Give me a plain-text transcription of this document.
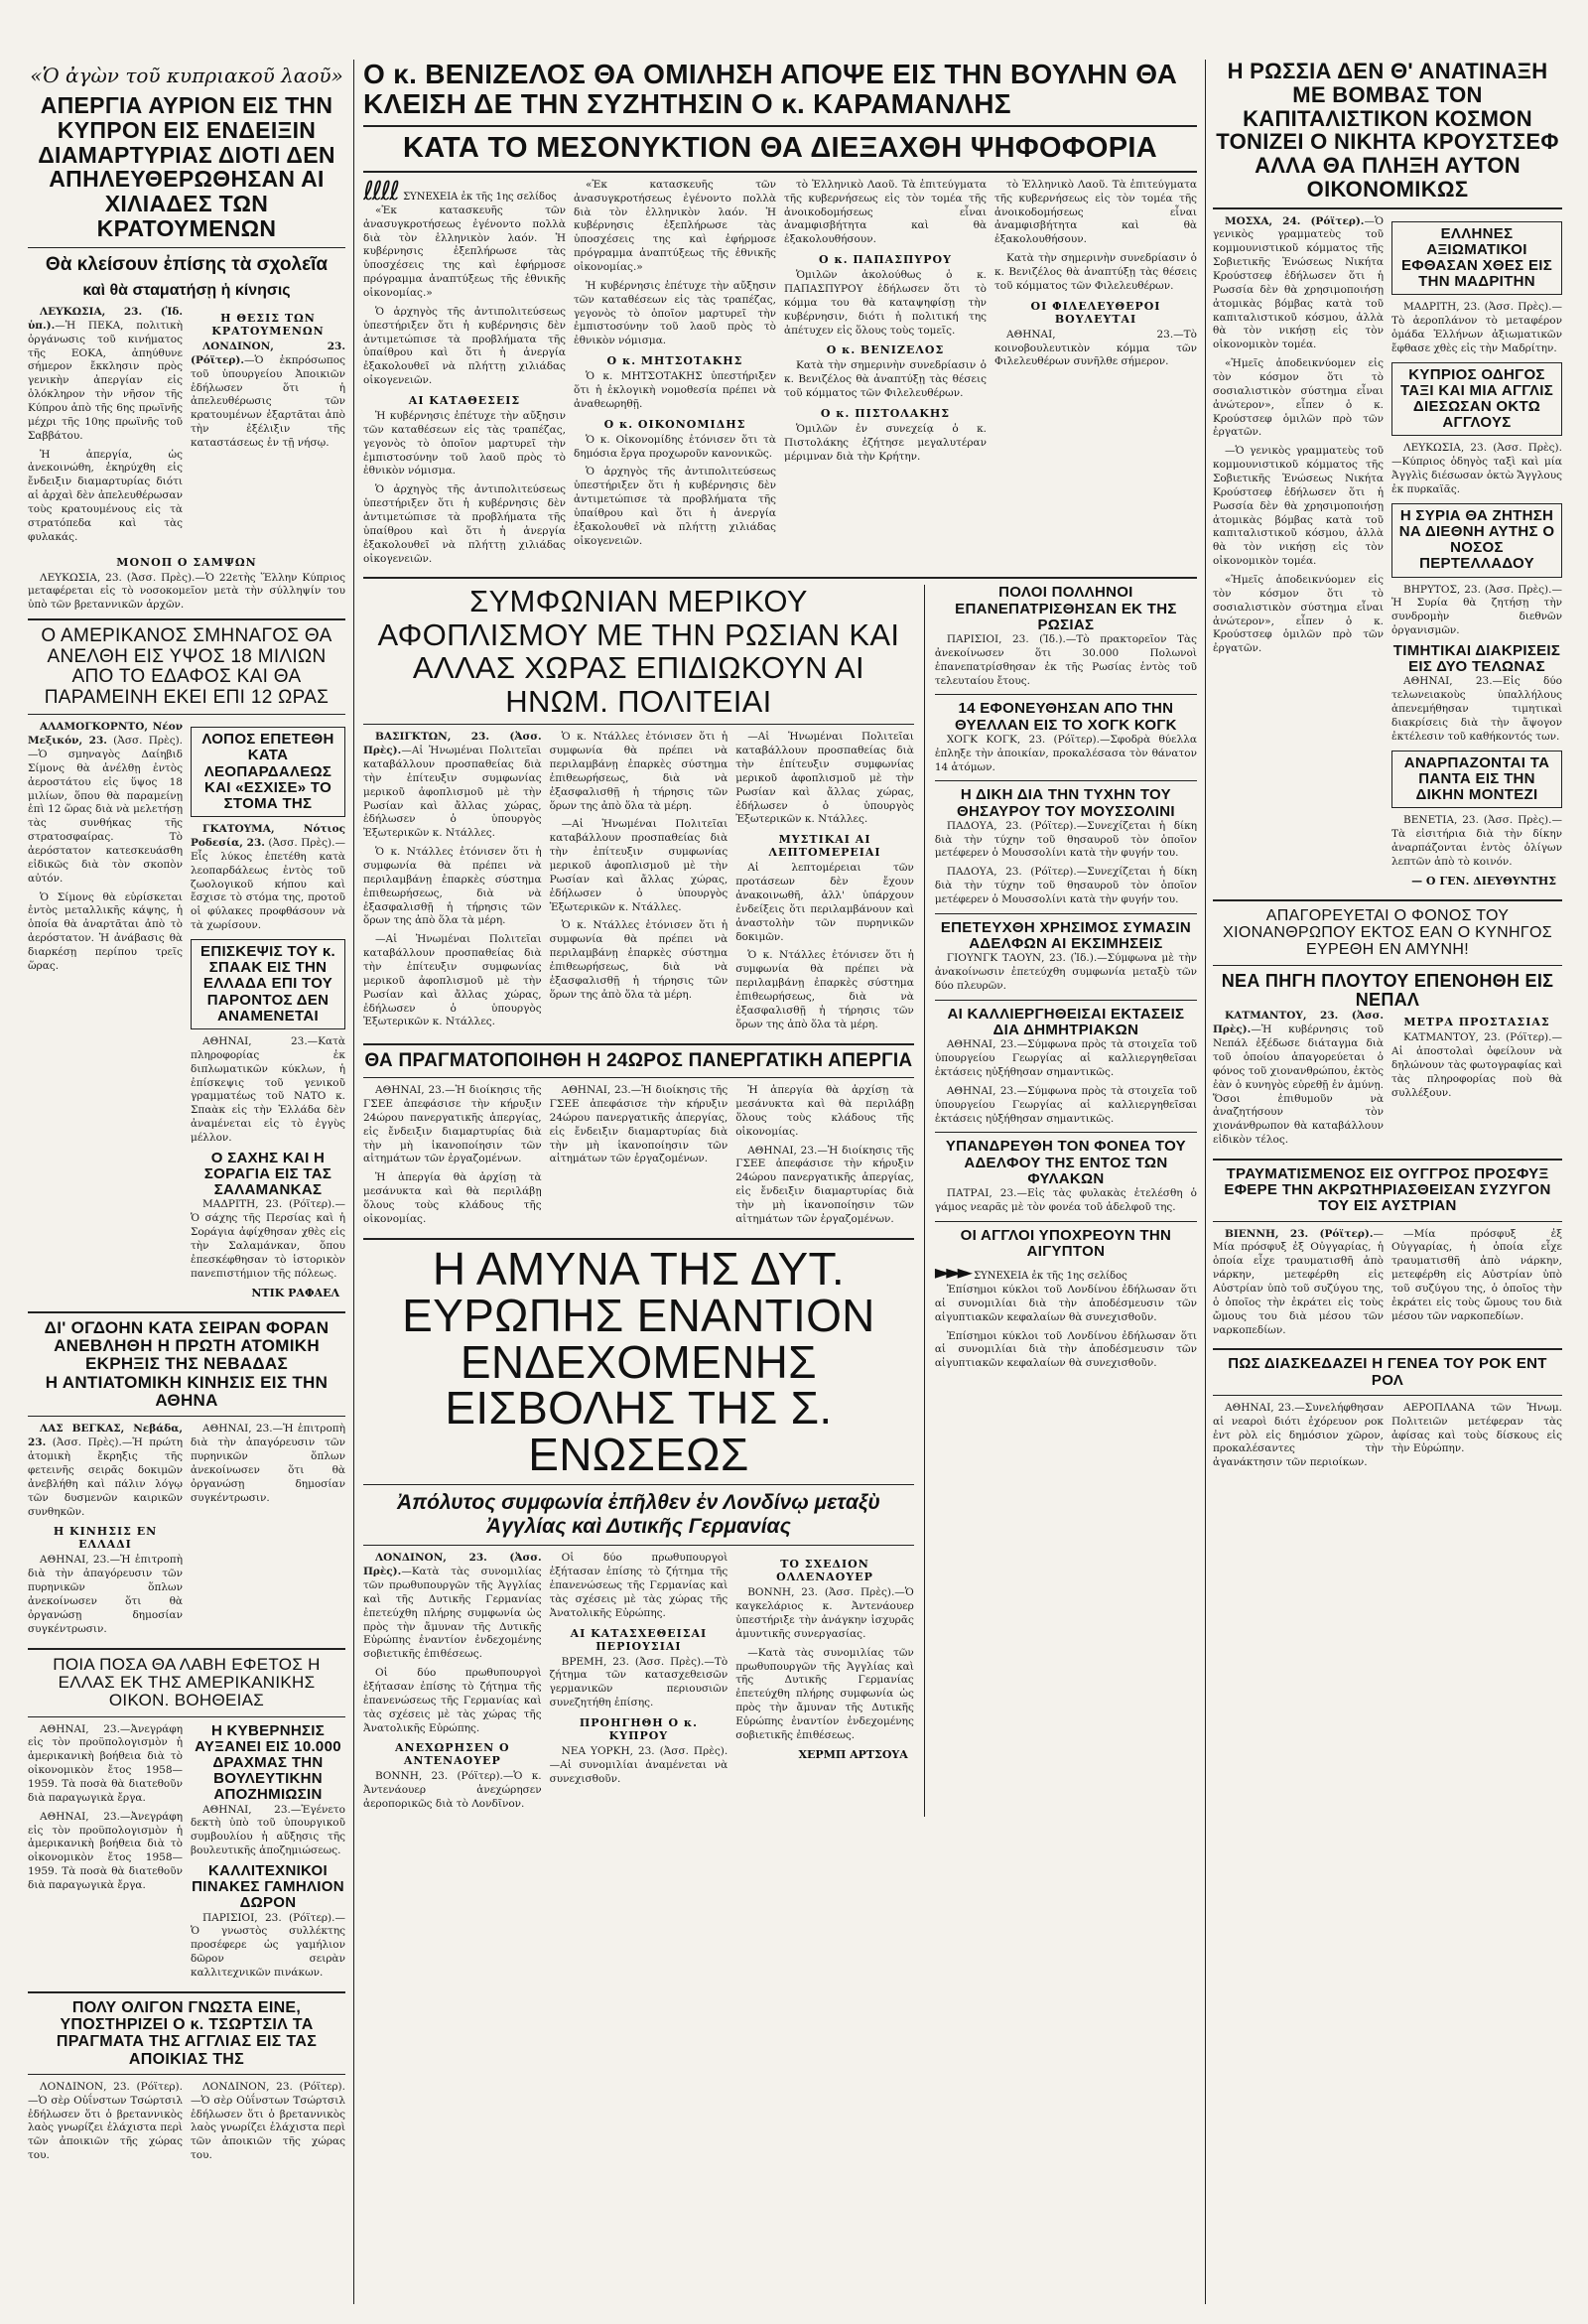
«Ὁ ἀγὼν τοῦ κυπριακοῦ λαοῦ»
ΑΠΕΡΓΙΑ ΑΥΡΙΟΝ ΕΙΣ ΤΗΝ ΚΥΠΡΟΝ ΕΙΣ ΕΝΔΕΙΞΙΝ ΔΙΑΜΑΡΤΥΡΙΑΣ ΔΙΟΤΙ ΔΕΝ ΑΠΗΛΕΥΘΕΡΩΘΗΣΑΝ ΑΙ ΧΙΛΙΑΔΕΣ ΤΩΝ ΚΡΑΤΟΥΜΕΝΩΝ
Θὰ κλείσουν ἐπίσης τὰ σχολεῖα
καὶ θὰ σταματήσῃ ἡ κίνησις

ΛΕΥΚΩΣΙΑ, 23. (Ἰδ. ὑπ.).—Ἡ ΠΕΚΑ, πολιτικὴ ὀργάνωσις τοῦ κινήματος τῆς ΕΟΚΑ, ἀπηύθυνε σήμερον ἔκκλησιν πρὸς γενικὴν ἀπεργίαν εἰς ὁλόκληρον τὴν νῆσον τῆς Κύπρου ἀπὸ τῆς 6ης πρωϊνῆς μέχρι τῆς 10ης πρωϊνῆς τοῦ Σαββάτου.

Ἡ ἀπεργία, ὡς ἀνεκοινώθη, ἐκηρύχθη εἰς ἔνδειξιν διαμαρτυρίας διότι αἱ ἀρχαὶ δὲν ἀπελευθέρωσαν τοὺς κρατουμένους εἰς τὰ στρατόπεδα καὶ τὰς φυλακάς.

Η ΘΕΣΙΣ ΤΩΝ ΚΡΑΤΟΥΜΕΝΩΝ

ΛΟΝΔΙΝΟΝ, 23. (Ρόϊτερ).—Ὁ ἐκπρόσωπος τοῦ ὑπουργείου Ἀποικιῶν ἐδήλωσεν ὅτι ἡ ἀπελευθέρωσις τῶν κρατουμένων ἐξαρτᾶται ἀπὸ τὴν ἐξέλιξιν τῆς καταστάσεως ἐν τῇ νήσῳ.

ΜΟΝΟΠ Ο ΣΑΜΨΩΝ

ΛΕΥΚΩΣΙΑ, 23. (Ἀσσ. Πρὲς).—Ὁ 22ετὴς Ἕλλην Κύπριος μεταφέρεται εἰς τὸ νοσοκομεῖον μετὰ τὴν σύλληψίν του ὑπὸ τῶν βρεταννικῶν ἀρχῶν.

Ο ΑΜΕΡΙΚΑΝΟΣ ΣΜΗΝΑΓΟΣ ΘΑ ΑΝΕΛΘΗ ΕΙΣ ΥΨΟΣ 18 ΜΙΛΙΩΝ ΑΠΟ ΤΟ ΕΔΑΦΟΣ ΚΑΙ ΘΑ ΠΑΡΑΜΕΙΝΗ ΕΚΕΙ ΕΠΙ 12 ΩΡΑΣ

ΑΛΑΜΟΓΚΟΡΝΤΟ, Νέον Μεξικόν, 23. (Ἀσσ. Πρὲς).—Ὁ σμηναγὸς Δαίηβιδ Σίμονς θὰ ἀνέλθῃ ἐντὸς ἀεροστάτου εἰς ὕψος 18 μιλίων, ὅπου θὰ παραμείνῃ ἐπὶ 12 ὥρας διὰ νὰ μελετήσῃ τὰς συνθήκας τῆς στρατοσφαίρας. Τὸ ἀερόστατον κατεσκευάσθη εἰδικῶς διὰ τὸν σκοπὸν αὐτόν.

Ὁ Σίμονς θὰ εὑρίσκεται ἐντὸς μεταλλικῆς κάψης, ἡ ὁποία θὰ ἀναρτᾶται ἀπὸ τὸ ἀερόστατον. Ἡ ἀνάβασις θὰ διαρκέσῃ περίπου τρεῖς ὥρας.

ΛΟΠΟΣ ΕΠΕΤΕΘΗ ΚΑΤΑ ΛΕΟΠΑΡΔΑΛΕΩΣ ΚΑΙ «ΕΣΧΙΣΕ» ΤΟ ΣΤΟΜΑ ΤΗΣ

ΓΚΑΤΟΥΜΑ, Νότιος Ροδεσία, 23. (Ἀσσ. Πρὲς).—Εἷς λύκος ἐπετέθη κατὰ λεοπαρδάλεως ἐντὸς τοῦ ζωολογικοῦ κήπου καὶ ἔσχισε τὸ στόμα της, προτοῦ οἱ φύλακες προφθάσουν νὰ τὰ χωρίσουν.

ΕΠΙΣΚΕΨΙΣ ΤΟΥ κ. ΣΠΑΑΚ ΕΙΣ ΤΗΝ ΕΛΛΑΔΑ ΕΠΙ ΤΟΥ ΠΑΡΟΝΤΟΣ ΔΕΝ ΑΝΑΜΕΝΕΤΑΙ

ΑΘΗΝΑΙ, 23.—Κατὰ πληροφορίας ἐκ διπλωματικῶν κύκλων, ἡ ἐπίσκεψις τοῦ γενικοῦ γραμματέως τοῦ ΝΑΤΟ κ. Σπαὰκ εἰς τὴν Ἑλλάδα δὲν ἀναμένεται εἰς τὸ ἐγγὺς μέλλον.

Ο ΣΑΧΗΣ ΚΑΙ Η ΣΟΡΑΓΙΑ ΕΙΣ ΤΑΣ ΣΑΛΑΜΑΝΚΑΣ

ΜΑΔΡΙΤΗ, 23. (Ρόϊτερ).—Ὁ σάχης τῆς Περσίας καὶ ἡ Σοράγια ἀφίχθησαν χθὲς εἰς τὴν Σαλαμάνκαν, ὅπου ἐπεσκέφθησαν τὸ ἱστορικὸν πανεπιστήμιον τῆς πόλεως.

ΝΤΙΚ ΡΑΦΑΕΛ
ΔΙ' ΟΓΔΟΗΝ ΚΑΤΑ ΣΕΙΡΑΝ ΦΟΡΑΝ ΑΝΕΒΛΗΘΗ Η ΠΡΩΤΗ ΑΤΟΜΙΚΗ ΕΚΡΗΞΙΣ ΤΗΣ ΝΕΒΑΔΑΣ
Η ΑΝΤΙΑΤΟΜΙΚΗ ΚΙΝΗΣΙΣ ΕΙΣ ΤΗΝ ΑΘΗΝΑ

ΛΑΣ ΒΕΓΚΑΣ, Νεβάδα, 23. (Ἀσσ. Πρὲς).—Ἡ πρώτη ἀτομικὴ ἔκρηξις τῆς φετεινῆς σειρᾶς δοκιμῶν ἀνεβλήθη καὶ πάλιν λόγῳ τῶν δυσμενῶν καιρικῶν συνθηκῶν.

Η ΚΙΝΗΣΙΣ ΕΝ ΕΛΛΑΔΙ

ΑΘΗΝΑΙ, 23.—Ἡ ἐπιτροπὴ διὰ τὴν ἀπαγόρευσιν τῶν πυρηνικῶν ὅπλων ἀνεκοίνωσεν ὅτι θὰ ὀργανώσῃ δημοσίαν συγκέντρωσιν.

ΑΘΗΝΑΙ, 23.—Ἡ ἐπιτροπὴ διὰ τὴν ἀπαγόρευσιν τῶν πυρηνικῶν ὅπλων ἀνεκοίνωσεν ὅτι θὰ ὀργανώσῃ δημοσίαν συγκέντρωσιν.

ΠΟΙΑ ΠΟΣΑ ΘΑ ΛΑΒΗ ΕΦΕΤΟΣ Η ΕΛΛΑΣ ΕΚ ΤΗΣ ΑΜΕΡΙΚΑΝΙΚΗΣ ΟΙΚΟΝ. ΒΟΗΘΕΙΑΣ

ΑΘΗΝΑΙ, 23.—Ἀνεγράφη εἰς τὸν προϋπολογισμὸν ἡ ἀμερικανικὴ βοήθεια διὰ τὸ οἰκονομικὸν ἔτος 1958—1959. Τὰ ποσὰ θὰ διατεθοῦν διὰ παραγωγικὰ ἔργα.

ΑΘΗΝΑΙ, 23.—Ἀνεγράφη εἰς τὸν προϋπολογισμὸν ἡ ἀμερικανικὴ βοήθεια διὰ τὸ οἰκονομικὸν ἔτος 1958—1959. Τὰ ποσὰ θὰ διατεθοῦν διὰ παραγωγικὰ ἔργα.

Η ΚΥΒΕΡΝΗΣΙΣ ΑΥΞΑΝΕΙ ΕΙΣ 10.000 ΔΡΑΧΜΑΣ ΤΗΝ ΒΟΥΛΕΥΤΙΚΗΝ ΑΠΟΖΗΜΙΩΣΙΝ

ΑΘΗΝΑΙ, 23.—Ἐγένετο δεκτὴ ὑπὸ τοῦ ὑπουργικοῦ συμβουλίου ἡ αὔξησις τῆς βουλευτικῆς ἀποζημιώσεως.

ΚΑΛΛΙΤΕΧΝΙΚΟΙ ΠΙΝΑΚΕΣ ΓΑΜΗΛΙΟΝ ΔΩΡΟΝ

ΠΑΡΙΣΙΟΙ, 23. (Ρόϊτερ).—Ὁ γνωστὸς συλλέκτης προσέφερε ὡς γαμήλιον δῶρον σειρὰν καλλιτεχνικῶν πινάκων.

ΠΟΛΥ ΟΛΙΓΟΝ ΓΝΩΣΤΑ ΕΙΝΕ, ΥΠΟΣΤΗΡΙΖΕΙ Ο κ. ΤΣΩΡΤΣΙΛ ΤΑ ΠΡΑΓΜΑΤΑ ΤΗΣ ΑΓΓΛΙΑΣ ΕΙΣ ΤΑΣ ΑΠΟΙΚΙΑΣ ΤΗΣ

ΛΟΝΔΙΝΟΝ, 23. (Ρόϊτερ).—Ὁ σὲρ Οὐΐνστων Τσώρτσιλ ἐδήλωσεν ὅτι ὁ βρεταννικὸς λαὸς γνωρίζει ἐλάχιστα περὶ τῶν ἀποικιῶν τῆς χώρας του.

ΛΟΝΔΙΝΟΝ, 23. (Ρόϊτερ).—Ὁ σὲρ Οὐΐνστων Τσώρτσιλ ἐδήλωσεν ὅτι ὁ βρεταννικὸς λαὸς γνωρίζει ἐλάχιστα περὶ τῶν ἀποικιῶν τῆς χώρας του.

Ο κ. ΒΕΝΙΖΕΛΟΣ ΘΑ ΟΜΙΛΗΣΗ ΑΠΟΨΕ ΕΙΣ ΤΗΝ ΒΟΥΛΗΝ ΘΑ ΚΛΕΙΣΗ ΔΕ ΤΗΝ ΣΥΖΗΤΗΣΙΝ Ο κ. ΚΑΡΑΜΑΝΛΗΣ
ΚΑΤΑ ΤΟ ΜΕΣΟΝΥΚΤΙΟΝ ΘΑ ΔΙΕΞΑΧΘΗ ΨΗΦΟΦΟΡΙΑ
ℓℓℓℓ ΣΥΝΕΧΕΙΑ ἐκ τῆς 1ης σελίδος

«Ἐκ κατασκευῆς τῶν ἀνασυγκροτήσεως ἐγένοντο πολλὰ διὰ τὸν ἑλληνικὸν λαόν. Ἡ κυβέρνησις ἐξεπλήρωσε τὰς ὑποσχέσεις της καὶ ἐφήρμοσε πρόγραμμα ἀναπτύξεως τῆς ἐθνικῆς οἰκονομίας.»

Ὁ ἀρχηγὸς τῆς ἀντιπολιτεύσεως ὑπεστήριξεν ὅτι ἡ κυβέρνησις δὲν ἀντιμετώπισε τὰ προβλήματα τῆς ὑπαίθρου καὶ ὅτι ἡ ἀνεργία ἐξακολουθεῖ νὰ πλήττῃ χιλιάδας οἰκογενειῶν.

ΑΙ ΚΑΤΑΘΕΣΕΙΣ

Ἡ κυβέρνησις ἐπέτυχε τὴν αὔξησιν τῶν καταθέσεων εἰς τὰς τραπέζας, γεγονὸς τὸ ὁποῖον μαρτυρεῖ τὴν ἐμπιστοσύνην τοῦ λαοῦ πρὸς τὸ ἐθνικὸν νόμισμα.

Ὁ ἀρχηγὸς τῆς ἀντιπολιτεύσεως ὑπεστήριξεν ὅτι ἡ κυβέρνησις δὲν ἀντιμετώπισε τὰ προβλήματα τῆς ὑπαίθρου καὶ ὅτι ἡ ἀνεργία ἐξακολουθεῖ νὰ πλήττῃ χιλιάδας οἰκογενειῶν.

«Ἐκ κατασκευῆς τῶν ἀνασυγκροτήσεως ἐγένοντο πολλὰ διὰ τὸν ἑλληνικὸν λαόν. Ἡ κυβέρνησις ἐξεπλήρωσε τὰς ὑποσχέσεις της καὶ ἐφήρμοσε πρόγραμμα ἀναπτύξεως τῆς ἐθνικῆς οἰκονομίας.»

Ἡ κυβέρνησις ἐπέτυχε τὴν αὔξησιν τῶν καταθέσεων εἰς τὰς τραπέζας, γεγονὸς τὸ ὁποῖον μαρτυρεῖ τὴν ἐμπιστοσύνην τοῦ λαοῦ πρὸς τὸ ἐθνικὸν νόμισμα.

Ο κ. ΜΗΤΣΟΤΑΚΗΣ

Ὁ κ. ΜΗΤΣΟΤΑΚΗΣ ὑπεστήριξεν ὅτι ἡ ἐκλογικὴ νομοθεσία πρέπει νὰ ἀναθεωρηθῇ.

Ο κ. ΟΙΚΟΝΟΜΙΔΗΣ

Ὁ κ. Οἰκονομίδης ἐτόνισεν ὅτι τὰ δημόσια ἔργα προχωροῦν κανονικῶς.

Ὁ ἀρχηγὸς τῆς ἀντιπολιτεύσεως ὑπεστήριξεν ὅτι ἡ κυβέρνησις δὲν ἀντιμετώπισε τὰ προβλήματα τῆς ὑπαίθρου καὶ ὅτι ἡ ἀνεργία ἐξακολουθεῖ νὰ πλήττῃ χιλιάδας οἰκογενειῶν.

τὸ Ἑλληνικὸ Λαοῦ. Τὰ ἐπιτεύγματα τῆς κυβερνήσεως εἰς τὸν τομέα τῆς ἀνοικοδομήσεως εἶναι ἀναμφισβήτητα καὶ θὰ ἐξακολουθήσουν.

Ο κ. ΠΑΠΑΣΠΥΡΟΥ

Ὁμιλῶν ἀκολούθως ὁ κ. ΠΑΠΑΣΠΥΡΟΥ ἐδήλωσεν ὅτι τὸ κόμμα του θὰ καταψηφίσῃ τὴν κυβέρνησιν, διότι ἡ πολιτική της ἀπέτυχεν εἰς ὅλους τοὺς τομεῖς.

Ο κ. ΒΕΝΙΖΕΛΟΣ

Κατὰ τὴν σημερινὴν συνεδρίασιν ὁ κ. Βενιζέλος θὰ ἀναπτύξῃ τὰς θέσεις τοῦ κόμματος τῶν Φιλελευθέρων.

Ο κ. ΠΙΣΤΟΛΑΚΗΣ

Ὁμιλῶν ἐν συνεχείᾳ ὁ κ. Πιστολάκης ἐζήτησε μεγαλυτέραν μέριμναν διὰ τὴν Κρήτην.

τὸ Ἑλληνικὸ Λαοῦ. Τὰ ἐπιτεύγματα τῆς κυβερνήσεως εἰς τὸν τομέα τῆς ἀνοικοδομήσεως εἶναι ἀναμφισβήτητα καὶ θὰ ἐξακολουθήσουν.

Κατὰ τὴν σημερινὴν συνεδρίασιν ὁ κ. Βενιζέλος θὰ ἀναπτύξῃ τὰς θέσεις τοῦ κόμματος τῶν Φιλελευθέρων.

ΟΙ ΦΙΛΕΛΕΥΘΕΡΟΙ ΒΟΥΛΕΥΤΑΙ

ΑΘΗΝΑΙ, 23.—Τὸ κοινοβουλευτικὸν κόμμα τῶν Φιλελευθέρων συνῆλθε σήμερον.

ΣΥΜΦΩΝΙΑΝ ΜΕΡΙΚΟΥ ΑΦΟΠΛΙΣΜΟΥ ΜΕ ΤΗΝ ΡΩΣΙΑΝ ΚΑΙ ΑΛΛΑΣ ΧΩΡΑΣ ΕΠΙΔΙΩΚΟΥΝ ΑΙ ΗΝΩΜ. ΠΟΛΙΤΕΙΑΙ

ΒΑΣΙΓΚΤΩΝ, 23. (Ἀσσ. Πρὲς).—Αἱ Ἡνωμέναι Πολιτεῖαι καταβάλλουν προσπαθείας διὰ τὴν ἐπίτευξιν συμφωνίας μερικοῦ ἀφοπλισμοῦ μὲ τὴν Ρωσίαν καὶ ἄλλας χώρας, ἐδήλωσεν ὁ ὑπουργὸς Ἐξωτερικῶν κ. Ντάλλες.

Ὁ κ. Ντάλλες ἐτόνισεν ὅτι ἡ συμφωνία θὰ πρέπει νὰ περιλαμβάνῃ ἐπαρκὲς σύστημα ἐπιθεωρήσεως, διὰ νὰ ἐξασφαλισθῇ ἡ τήρησις τῶν ὅρων της ἀπὸ ὅλα τὰ μέρη.

—Αἱ Ἡνωμέναι Πολιτεῖαι καταβάλλουν προσπαθείας διὰ τὴν ἐπίτευξιν συμφωνίας μερικοῦ ἀφοπλισμοῦ μὲ τὴν Ρωσίαν καὶ ἄλλας χώρας, ἐδήλωσεν ὁ ὑπουργὸς Ἐξωτερικῶν κ. Ντάλλες.

Ὁ κ. Ντάλλες ἐτόνισεν ὅτι ἡ συμφωνία θὰ πρέπει νὰ περιλαμβάνῃ ἐπαρκὲς σύστημα ἐπιθεωρήσεως, διὰ νὰ ἐξασφαλισθῇ ἡ τήρησις τῶν ὅρων της ἀπὸ ὅλα τὰ μέρη.

—Αἱ Ἡνωμέναι Πολιτεῖαι καταβάλλουν προσπαθείας διὰ τὴν ἐπίτευξιν συμφωνίας μερικοῦ ἀφοπλισμοῦ μὲ τὴν Ρωσίαν καὶ ἄλλας χώρας, ἐδήλωσεν ὁ ὑπουργὸς Ἐξωτερικῶν κ. Ντάλλες.

Ὁ κ. Ντάλλες ἐτόνισεν ὅτι ἡ συμφωνία θὰ πρέπει νὰ περιλαμβάνῃ ἐπαρκὲς σύστημα ἐπιθεωρήσεως, διὰ νὰ ἐξασφαλισθῇ ἡ τήρησις τῶν ὅρων της ἀπὸ ὅλα τὰ μέρη.

—Αἱ Ἡνωμέναι Πολιτεῖαι καταβάλλουν προσπαθείας διὰ τὴν ἐπίτευξιν συμφωνίας μερικοῦ ἀφοπλισμοῦ μὲ τὴν Ρωσίαν καὶ ἄλλας χώρας, ἐδήλωσεν ὁ ὑπουργὸς Ἐξωτερικῶν κ. Ντάλλες.

ΜΥΣΤΙΚΑΙ ΑΙ ΛΕΠΤΟΜΕΡΕΙΑΙ

Αἱ λεπτομέρειαι τῶν προτάσεων δὲν ἔχουν ἀνακοινωθῆ, ἀλλ' ὑπάρχουν ἐνδείξεις ὅτι περιλαμβάνουν καὶ ἀναστολὴν τῶν πυρηνικῶν δοκιμῶν.

Ὁ κ. Ντάλλες ἐτόνισεν ὅτι ἡ συμφωνία θὰ πρέπει νὰ περιλαμβάνῃ ἐπαρκὲς σύστημα ἐπιθεωρήσεως, διὰ νὰ ἐξασφαλισθῇ ἡ τήρησις τῶν ὅρων της ἀπὸ ὅλα τὰ μέρη.

ΘΑ ΠΡΑΓΜΑΤΟΠΟΙΗΘΗ Η 24ΩΡΟΣ ΠΑΝΕΡΓΑΤΙΚΗ ΑΠΕΡΓΙΑ

ΑΘΗΝΑΙ, 23.—Ἡ διοίκησις τῆς ΓΣΕΕ ἀπεφάσισε τὴν κήρυξιν 24ώρου πανεργατικῆς ἀπεργίας, εἰς ἔνδειξιν διαμαρτυρίας διὰ τὴν μὴ ἱκανοποίησιν τῶν αἰτημάτων τῶν ἐργαζομένων.

Ἡ ἀπεργία θὰ ἀρχίσῃ τὰ μεσάνυκτα καὶ θὰ περιλάβῃ ὅλους τοὺς κλάδους τῆς οἰκονομίας.

ΑΘΗΝΑΙ, 23.—Ἡ διοίκησις τῆς ΓΣΕΕ ἀπεφάσισε τὴν κήρυξιν 24ώρου πανεργατικῆς ἀπεργίας, εἰς ἔνδειξιν διαμαρτυρίας διὰ τὴν μὴ ἱκανοποίησιν τῶν αἰτημάτων τῶν ἐργαζομένων.

Ἡ ἀπεργία θὰ ἀρχίσῃ τὰ μεσάνυκτα καὶ θὰ περιλάβῃ ὅλους τοὺς κλάδους τῆς οἰκονομίας.

ΑΘΗΝΑΙ, 23.—Ἡ διοίκησις τῆς ΓΣΕΕ ἀπεφάσισε τὴν κήρυξιν 24ώρου πανεργατικῆς ἀπεργίας, εἰς ἔνδειξιν διαμαρτυρίας διὰ τὴν μὴ ἱκανοποίησιν τῶν αἰτημάτων τῶν ἐργαζομένων.

Η ΑΜΥΝΑ ΤΗΣ ΔΥΤ. ΕΥΡΩΠΗΣ ΕΝΑΝΤΙΟΝ ΕΝΔΕΧΟΜΕΝΗΣ ΕΙΣΒΟΛΗΣ ΤΗΣ Σ. ΕΝΩΣΕΩΣ
Ἀπόλυτος συμφωνία ἐπῆλθεν ἐν Λονδίνῳ μεταξὺ Ἀγγλίας καὶ Δυτικῆς Γερμανίας

ΛΟΝΔΙΝΟΝ, 23. (Ἀσσ. Πρὲς).—Κατὰ τὰς συνομιλίας τῶν πρωθυπουργῶν τῆς Ἀγγλίας καὶ τῆς Δυτικῆς Γερμανίας ἐπετεύχθη πλήρης συμφωνία ὡς πρὸς τὴν ἄμυναν τῆς Δυτικῆς Εὐρώπης ἐναντίον ἐνδεχομένης σοβιετικῆς ἐπιθέσεως.

Οἱ δύο πρωθυπουργοὶ ἐξήτασαν ἐπίσης τὸ ζήτημα τῆς ἐπανενώσεως τῆς Γερμανίας καὶ τὰς σχέσεις μὲ τὰς χώρας τῆς Ἀνατολικῆς Εὐρώπης.

ΑΝΕΧΩΡΗΣΕΝ Ο ΑΝΤΕΝΑΟΥΕΡ

ΒΟΝΝΗ, 23. (Ρόϊτερ).—Ὁ κ. Ἀντενάουερ ἀνεχώρησεν ἀεροπορικῶς διὰ τὸ Λονδῖνον.

Οἱ δύο πρωθυπουργοὶ ἐξήτασαν ἐπίσης τὸ ζήτημα τῆς ἐπανενώσεως τῆς Γερμανίας καὶ τὰς σχέσεις μὲ τὰς χώρας τῆς Ἀνατολικῆς Εὐρώπης.

ΑΙ ΚΑΤΑΣΧΕΘΕΙΣΑΙ ΠΕΡΙΟΥΣΙΑΙ

ΒΡΕΜΗ, 23. (Ἀσσ. Πρὲς).—Τὸ ζήτημα τῶν κατασχεθεισῶν γερμανικῶν περιουσιῶν συνεζητήθη ἐπίσης.

ΠΡΟΗΓΗΘΗ Ο κ. ΚΥΠΡΟΥ

ΝΕΑ ΥΟΡΚΗ, 23. (Ἀσσ. Πρὲς).—Αἱ συνομιλίαι ἀναμένεται νὰ συνεχισθοῦν.

ΤΟ ΣΧΕΔΙΟΝ ΟΛΛΕΝΑΟΥΕΡ

ΒΟΝΝΗ, 23. (Ἀσσ. Πρὲς).—Ὁ καγκελάριος κ. Ἀντενάουερ ὑπεστήριξε τὴν ἀνάγκην ἰσχυρᾶς ἀμυντικῆς συνεργασίας.

—Κατὰ τὰς συνομιλίας τῶν πρωθυπουργῶν τῆς Ἀγγλίας καὶ τῆς Δυτικῆς Γερμανίας ἐπετεύχθη πλήρης συμφωνία ὡς πρὸς τὴν ἄμυναν τῆς Δυτικῆς Εὐρώπης ἐναντίον ἐνδεχομένης σοβιετικῆς ἐπιθέσεως.

ΧΕΡΜΠ ΑΡΤΣΟΥΑ
ΠΟΛΟΙ ΠΟΛΛΗΝΟΙ ΕΠΑΝΕΠΑΤΡΙΣΘΗΣΑΝ ΕΚ ΤΗΣ ΡΩΣΙΑΣ

ΠΑΡΙΣΙΟΙ, 23. (Ἰδ.).—Τὸ πρακτορεῖον Τὰς ἀνεκοίνωσεν ὅτι 30.000 Πολωνοὶ ἐπανεπατρίσθησαν ἐκ τῆς Ρωσίας ἐντὸς τοῦ τελευταίου ἔτους.

14 ΕΦΟΝΕΥΘΗΣΑΝ ΑΠΟ ΤΗΝ ΘΥΕΛΛΑΝ ΕΙΣ ΤΟ ΧΟΓΚ ΚΟΓΚ

ΧΟΓΚ ΚΟΓΚ, 23. (Ρόϊτερ).—Σφοδρὰ θύελλα ἐπληξε τὴν ἀποικίαν, προκαλέσασα τὸν θάνατον 14 ἀτόμων.

Η ΔΙΚΗ ΔΙΑ ΤΗΝ ΤΥΧΗΝ ΤΟΥ ΘΗΣΑΥΡΟΥ ΤΟΥ ΜΟΥΣΣΟΛΙΝΙ

ΠΑΔΟΥΑ, 23. (Ρόϊτερ).—Συνεχίζεται ἡ δίκη διὰ τὴν τύχην τοῦ θησαυροῦ τὸν ὁποῖον μετέφερεν ὁ Μουσσολίνι κατὰ τὴν φυγήν του.

ΠΑΔΟΥΑ, 23. (Ρόϊτερ).—Συνεχίζεται ἡ δίκη διὰ τὴν τύχην τοῦ θησαυροῦ τὸν ὁποῖον μετέφερεν ὁ Μουσσολίνι κατὰ τὴν φυγήν του.

ΕΠΕΤΕΥΧΘΗ ΧΡΗΣΙΜΟΣ ΣΥΜΑΣΙΝ ΑΔΕΛΦΩΝ ΑΙ ΕΚΣΙΜΗΣΕΙΣ

ΓΙΟΥΝΓΚ ΤΑΟΥΝ, 23. (Ἰδ.).—Σύμφωνα μὲ τὴν ἀνακοίνωσιν ἐπετεύχθη συμφωνία μεταξὺ τῶν δύο πλευρῶν.

ΑΙ ΚΑΛΛΙΕΡΓΗΘΕΙΣΑΙ ΕΚΤΑΣΕΙΣ ΔΙΑ ΔΗΜΗΤΡΙΑΚΩΝ

ΑΘΗΝΑΙ, 23.—Σύμφωνα πρὸς τὰ στοιχεῖα τοῦ ὑπουργείου Γεωργίας αἱ καλλιεργηθεῖσαι ἐκτάσεις ηὐξήθησαν σημαντικῶς.

ΑΘΗΝΑΙ, 23.—Σύμφωνα πρὸς τὰ στοιχεῖα τοῦ ὑπουργείου Γεωργίας αἱ καλλιεργηθεῖσαι ἐκτάσεις ηὐξήθησαν σημαντικῶς.

ΥΠΑΝΔΡΕΥΘΗ ΤΟΝ ΦΟΝΕΑ ΤΟΥ ΑΔΕΛΦΟΥ ΤΗΣ ΕΝΤΟΣ ΤΩΝ ΦΥΛΑΚΩΝ

ΠΑΤΡΑΙ, 23.—Εἰς τὰς φυλακὰς ἐτελέσθη ὁ γάμος νεαρᾶς μὲ τὸν φονέα τοῦ ἀδελφοῦ της.

ΟΙ ΑΓΓΛΟΙ ΥΠΟΧΡΕΟΥΝ ΤΗΝ ΑΙΓΥΠΤΟΝ
►►► ΣΥΝΕΧΕΙΑ ἐκ τῆς 1ης σελίδος

Ἐπίσημοι κύκλοι τοῦ Λονδίνου ἐδήλωσαν ὅτι αἱ συνομιλίαι διὰ τὴν ἀποδέσμευσιν τῶν αἰγυπτιακῶν κεφαλαίων θὰ συνεχισθοῦν.

Ἐπίσημοι κύκλοι τοῦ Λονδίνου ἐδήλωσαν ὅτι αἱ συνομιλίαι διὰ τὴν ἀποδέσμευσιν τῶν αἰγυπτιακῶν κεφαλαίων θὰ συνεχισθοῦν.

Η ΡΩΣΣΙΑ ΔΕΝ Θ' ΑΝΑΤΙΝΑΞΗ ΜΕ ΒΟΜΒΑΣ ΤΟΝ ΚΑΠΙΤΑΛΙΣΤΙΚΟΝ ΚΟΣΜΟΝ
ΤΟΝΙΖΕΙ Ο ΝΙΚΗΤΑ ΚΡΟΥΣΤΣΕΦ
ΑΛΛΑ ΘΑ ΠΛΗΞΗ ΑΥΤΟΝ ΟΙΚΟΝΟΜΙΚΩΣ

ΜΟΣΧΑ, 24. (Ρόϊτερ).—Ὁ γενικὸς γραμματεὺς τοῦ κομμουνιστικοῦ κόμματος τῆς Σοβιετικῆς Ἑνώσεως Νικήτα Κρούστσεφ ἐδήλωσεν ὅτι ἡ Ρωσσία δὲν θὰ χρησιμοποιήσῃ ἀτομικὰς βόμβας κατὰ τοῦ καπιταλιστικοῦ κόσμου, ἀλλὰ θὰ τὸν νικήσῃ εἰς τὸν οἰκονομικὸν τομέα.

«Ἡμεῖς ἀποδεικνύομεν εἰς τὸν κόσμον ὅτι τὸ σοσιαλιστικὸν σύστημα εἶναι ἀνώτερον», εἶπεν ὁ κ. Κρούστσεφ ὁμιλῶν πρὸ τῶν ἐργατῶν.

—Ὁ γενικὸς γραμματεὺς τοῦ κομμουνιστικοῦ κόμματος τῆς Σοβιετικῆς Ἑνώσεως Νικήτα Κρούστσεφ ἐδήλωσεν ὅτι ἡ Ρωσσία δὲν θὰ χρησιμοποιήσῃ ἀτομικὰς βόμβας κατὰ τοῦ καπιταλιστικοῦ κόσμου, ἀλλὰ θὰ τὸν νικήσῃ εἰς τὸν οἰκονομικὸν τομέα.

«Ἡμεῖς ἀποδεικνύομεν εἰς τὸν κόσμον ὅτι τὸ σοσιαλιστικὸν σύστημα εἶναι ἀνώτερον», εἶπεν ὁ κ. Κρούστσεφ ὁμιλῶν πρὸ τῶν ἐργατῶν.

ΕΛΛΗΝΕΣ ΑΞΙΩΜΑΤΙΚΟΙ ΕΦΘΑΣΑΝ ΧΘΕΣ ΕΙΣ ΤΗΝ ΜΑΔΡΙΤΗΝ

ΜΑΔΡΙΤΗ, 23. (Ἀσσ. Πρὲς).—Τὸ ἀεροπλάνον τὸ μεταφέρον ὁμάδα Ἑλλήνων ἀξιωματικῶν ἔφθασε χθὲς εἰς τὴν Μαδρίτην.

ΚΥΠΡΙΟΣ ΟΔΗΓΟΣ ΤΑΞΙ ΚΑΙ ΜΙΑ ΑΓΓΛΙΣ ΔΙΕΣΩΣΑΝ ΟΚΤΩ ΑΓΓΛΟΥΣ

ΛΕΥΚΩΣΙΑ, 23. (Ἀσσ. Πρὲς).—Κύπριος ὁδηγὸς ταξὶ καὶ μία Ἀγγλὶς διέσωσαν ὀκτὼ Ἄγγλους ἐκ πυρκαϊᾶς.

Η ΣΥΡΙΑ ΘΑ ΖΗΤΗΣΗ ΝΑ ΔΙΕΘΝΗ ΑΥΤΗΣ Ο ΝΟΣΟΣ ΠΕΡΤΕΛΛΑΔΟΥ

ΒΗΡΥΤΟΣ, 23. (Ἀσσ. Πρὲς).—Ἡ Συρία θὰ ζητήσῃ τὴν συνδρομὴν διεθνῶν ὀργανισμῶν.

ΤΙΜΗΤΙΚΑΙ ΔΙΑΚΡΙΣΕΙΣ ΕΙΣ ΔΥΟ ΤΕΛΩΝΑΣ

ΑΘΗΝΑΙ, 23.—Εἰς δύο τελωνειακοὺς ὑπαλλήλους ἀπενεμήθησαν τιμητικαὶ διακρίσεις διὰ τὴν ἄψογον ἐκτέλεσιν τοῦ καθήκοντός των.

ΑΝΑΡΠΑΖΟΝΤΑΙ ΤΑ ΠΑΝΤΑ ΕΙΣ ΤΗΝ ΔΙΚΗΝ ΜΟΝΤΕΖΙ

ΒΕΝΕΤΙΑ, 23. (Ἀσσ. Πρὲς).—Τὰ εἰσιτήρια διὰ τὴν δίκην ἀναρπάζονται ἐντὸς ὀλίγων λεπτῶν ἀπὸ τὸ κοινόν.

— Ο ΓΕΝ. ΔΙΕΥΘΥΝΤΗΣ
ΑΠΑΓΟΡΕΥΕΤΑΙ Ο ΦΟΝΟΣ ΤΟΥ ΧΙΟΝΑΝΘΡΩΠΟΥ ΕΚΤΟΣ ΕΑΝ Ο ΚΥΝΗΓΟΣ ΕΥΡΕΘΗ ΕΝ ΑΜΥΝΗ!
ΝΕΑ ΠΗΓΗ ΠΛΟΥΤΟΥ ΕΠΕΝΟΗΘΗ ΕΙΣ ΝΕΠΑΛ

ΚΑΤΜΑΝΤΟΥ, 23. (Ἀσσ. Πρὲς).—Ἡ κυβέρνησις τοῦ Νεπάλ ἐξέδωσε διάταγμα διὰ τοῦ ὁποίου ἀπαγορεύεται ὁ φόνος τοῦ χιονανθρώπου, ἐκτὸς ἐὰν ὁ κυνηγὸς εὑρεθῇ ἐν ἀμύνῃ. Ὅσοι ἐπιθυμοῦν νὰ ἀναζητήσουν τὸν χιονάνθρωπον θὰ καταβάλλουν εἰδικὸν τέλος.

ΜΕΤΡΑ ΠΡΟΣΤΑΣΙΑΣ

ΚΑΤΜΑΝΤΟΥ, 23. (Ρόϊτερ).—Αἱ ἀποστολαὶ ὀφείλουν νὰ δηλώνουν τὰς φωτογραφίας καὶ τὰς πληροφορίας ποὺ θὰ συλλέξουν.

ΤΡΑΥΜΑΤΙΣΜΕΝΟΣ ΕΙΣ ΟΥΓΓΡΟΣ ΠΡΟΣΦΥΞ ΕΦΕΡΕ ΤΗΝ ΑΚΡΩΤΗΡΙΑΣΘΕΙΣΑΝ ΣΥΖΥΓΟΝ ΤΟΥ ΕΙΣ ΑΥΣΤΡΙΑΝ

ΒΙΕΝΝΗ, 23. (Ρόϊτερ).—Μία πρόσφυξ ἐξ Οὐγγαρίας, ἡ ὁποία εἶχε τραυματισθῆ ἀπὸ νάρκην, μετεφέρθη εἰς Αὐστρίαν ὑπὸ τοῦ συζύγου της, ὁ ὁποῖος τὴν ἐκράτει εἰς τοὺς ὤμους του διὰ μέσου τῶν ναρκοπεδίων.

—Μία πρόσφυξ ἐξ Οὐγγαρίας, ἡ ὁποία εἶχε τραυματισθῆ ἀπὸ νάρκην, μετεφέρθη εἰς Αὐστρίαν ὑπὸ τοῦ συζύγου της, ὁ ὁποῖος τὴν ἐκράτει εἰς τοὺς ὤμους του διὰ μέσου τῶν ναρκοπεδίων.

ΠΩΣ ΔΙΑΣΚΕΔΑΖΕΙ Η ΓΕΝΕΑ ΤΟΥ ΡΟΚ ΕΝΤ ΡΟΛ

ΑΘΗΝΑΙ, 23.—Συνελήφθησαν αἱ νεαροὶ διότι ἐχόρευον ροκ ἐντ ρὸλ εἰς δημόσιον χῶρον, προκαλέσαντες τὴν ἀγανάκτησιν τῶν περιοίκων.

ΑΕΡΟΠΛΑΝΑ τῶν Ἠνωμ. Πολιτειῶν μετέφεραν τὰς ἀφίσας καὶ τοὺς δίσκους εἰς τὴν Εὐρώπην.
